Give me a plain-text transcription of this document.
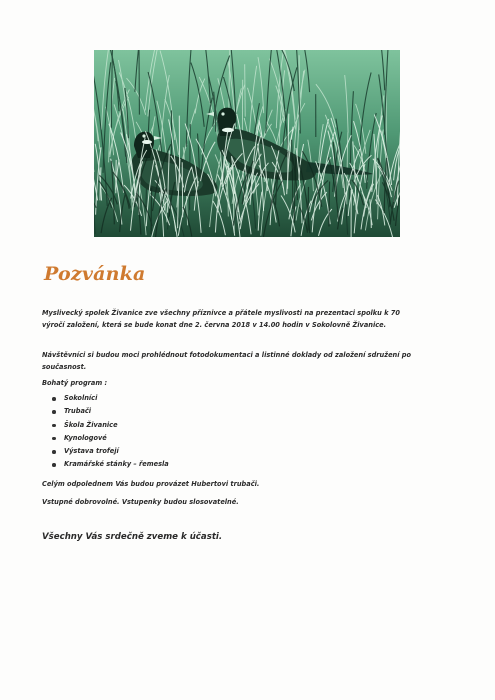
Pozvánka

Myslivecký spolek Živanice zve všechny příznivce a přátele myslivosti na prezentaci spolku k 70 výročí založení, která se bude konat dne 2. června 2018 v 14.00 hodin v Sokolovně Živanice.

Návštěvníci si budou moci prohlédnout fotodokumentaci a listinné doklady od založení sdružení po současnost.

Bohatý program :

Sokolníci
Trubači
Škola Živanice
Kynologové
Výstava trofejí
Kramářské stánky – řemesla

Celým odpolednem Vás budou provázet Hubertovi trubači.

Vstupné dobrovolné. Vstupenky budou slosovatelné.

Všechny Vás srdečně zveme k účasti.
